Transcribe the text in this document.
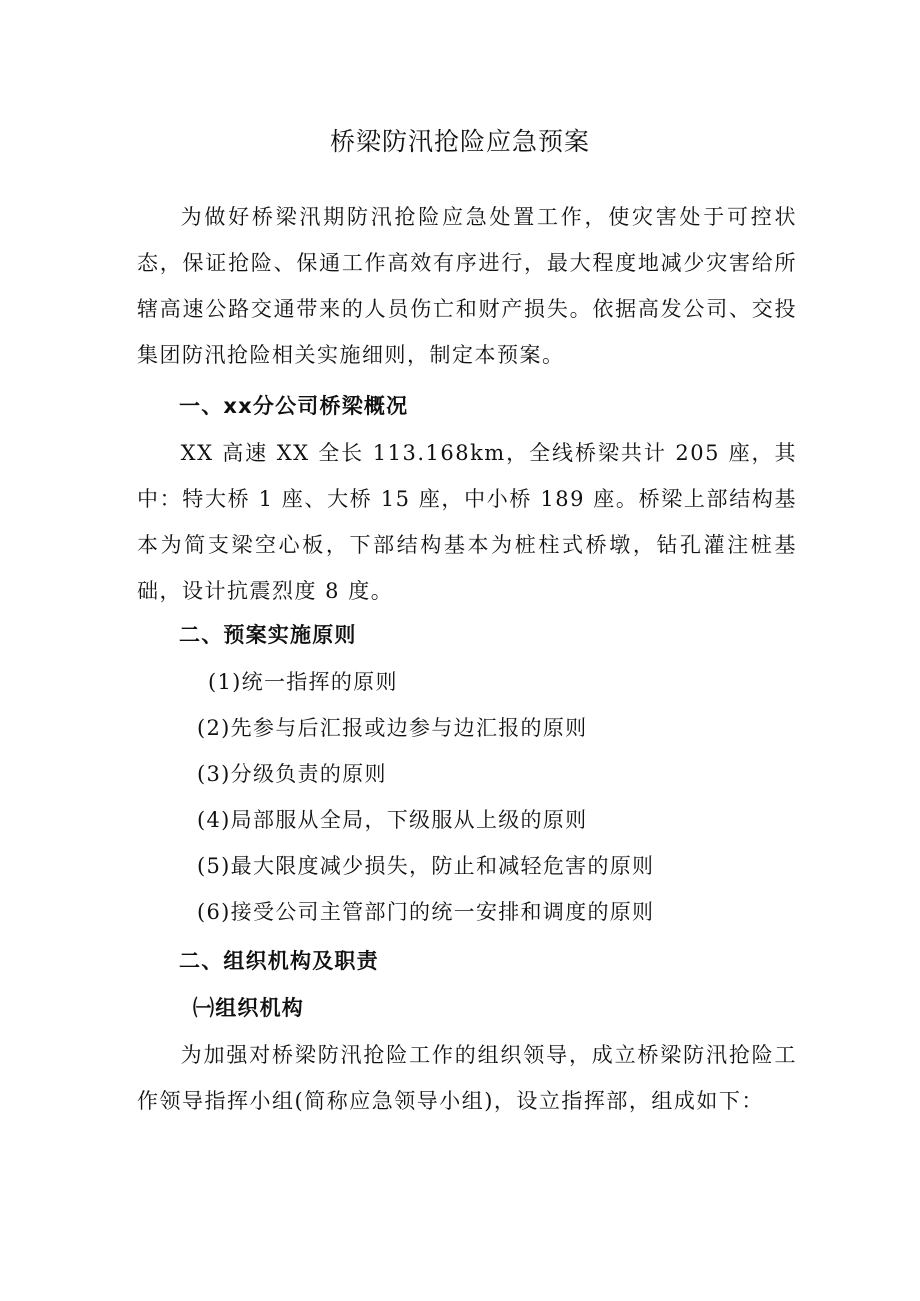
桥梁防汛抢险应急预案

为做好桥梁汛期防汛抢险应急处置工作，使灾害处于可控状态，保证抢险、保通工作高效有序进行，最大程度地减少灾害给所辖高速公路交通带来的人员伤亡和财产损失。依据高发公司、交投集团防汛抢险相关实施细则，制定本预案。

一、xx分公司桥梁概况

XX 高速 XX 全长 113.168km，全线桥梁共计 205 座，其中：特大桥 1 座、大桥 15 座，中小桥 189 座。桥梁上部结构基本为简支梁空心板，下部结构基本为桩柱式桥墩，钻孔灌注桩基础，设计抗震烈度 8 度。

二、预案实施原则
(1)统一指挥的原则
(2)先参与后汇报或边参与边汇报的原则
(3)分级负责的原则
(4)局部服从全局，下级服从上级的原则
(5)最大限度减少损失，防止和减轻危害的原则
(6)接受公司主管部门的统一安排和调度的原则
二、组织机构及职责
㈠组织机构

为加强对桥梁防汛抢险工作的组织领导，成立桥梁防汛抢险工作领导指挥小组(简称应急领导小组)，设立指挥部，组成如下：
